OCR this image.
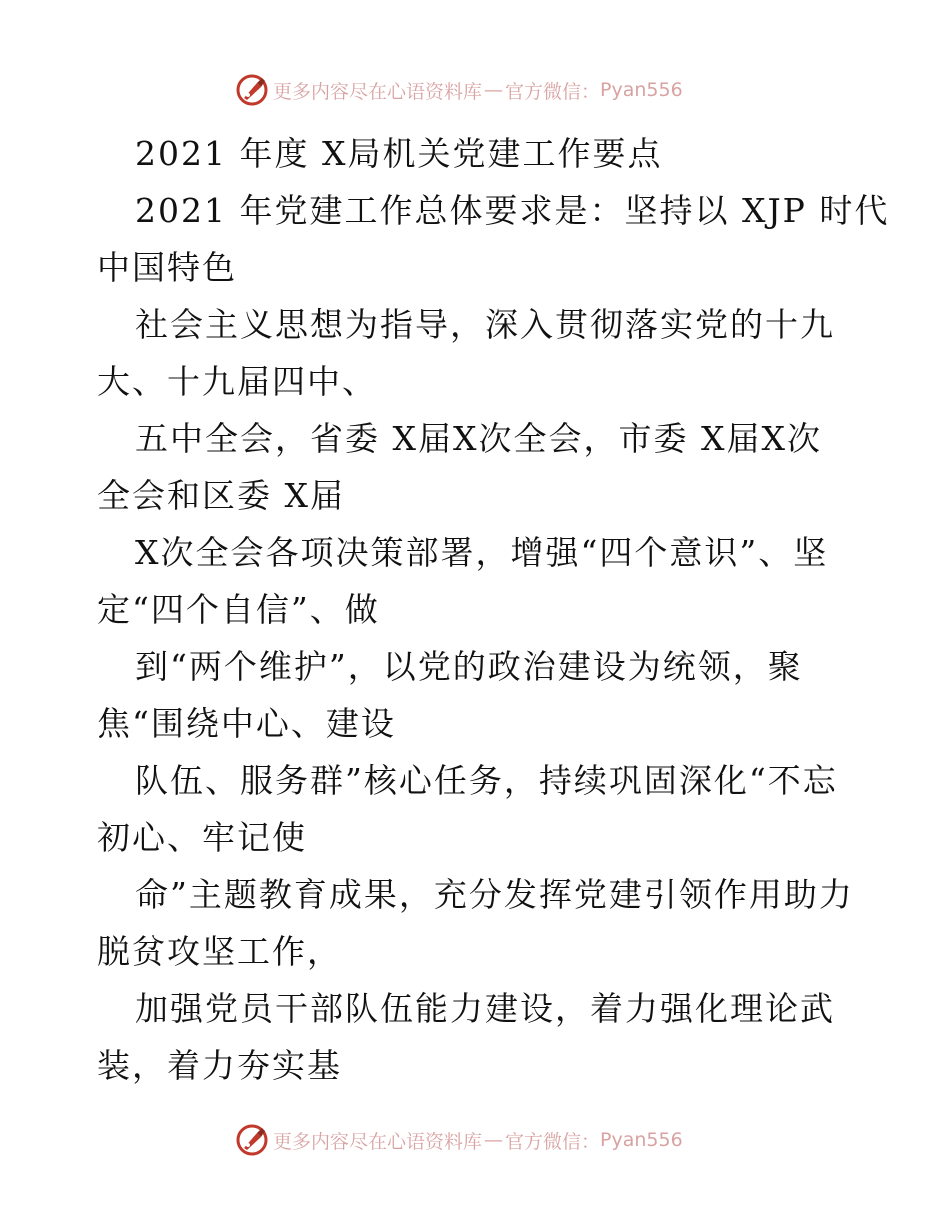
更多内容尽在心语资料库 — 官方微信： Pyan556
2021 年度 X局机关党建工作要点
2021 年党建工作总体要求是：坚持以 XJP 时代
中国特色
社会主义思想为指导，深入贯彻落实党的十九
大、十九届四中、
五中全会，省委 X届X次全会，市委 X届X次
全会和区委 X届
X次全会各项决策部署，增强“四个意识”、坚
定“四个自信”、做
到“两个维护”，以党的政治建设为统领，聚
焦“围绕中心、建设
队伍、服务群”核心任务，持续巩固深化“不忘
初心、牢记使
命”主题教育成果，充分发挥党建引领作用助力
脱贫攻坚工作，
加强党员干部队伍能力建设，着力强化理论武
装，着力夯实基
更多内容尽在心语资料库 — 官方微信： Pyan556
